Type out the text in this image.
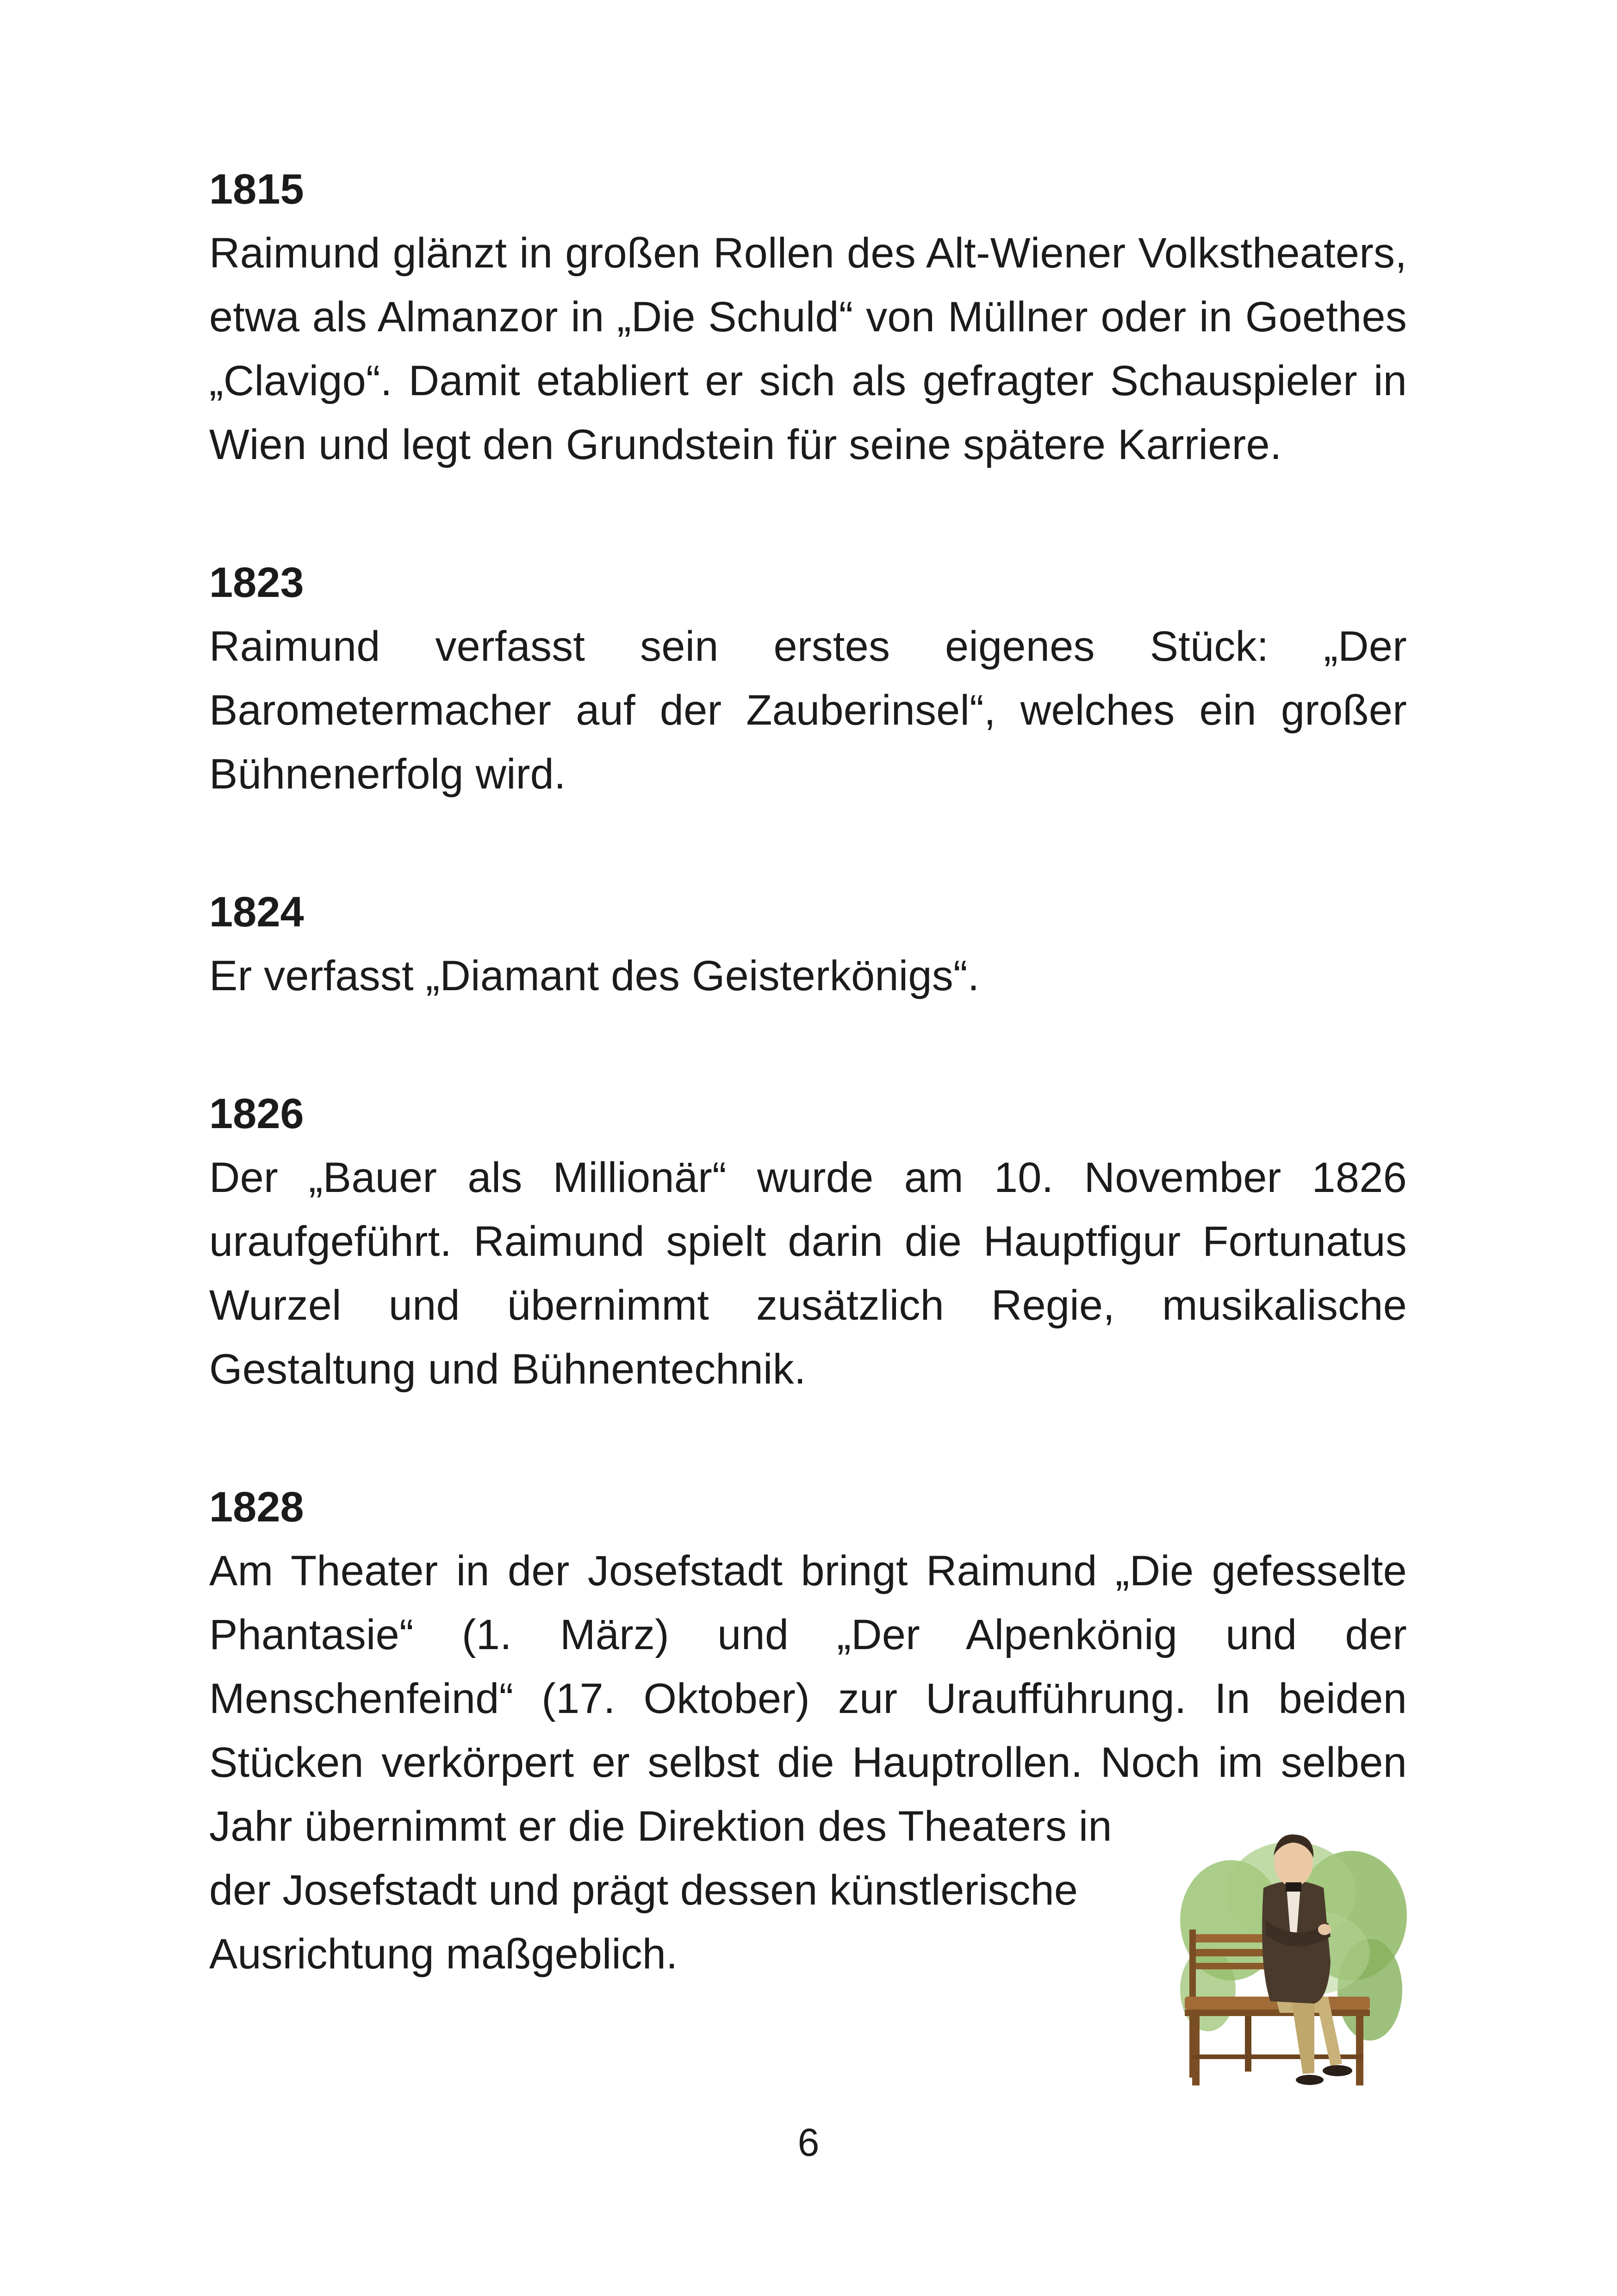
1815

Raimund glänzt in großen Rollen des Alt-Wiener Volkstheaters, etwa als Almanzor in „Die Schuld“ von Müllner oder in Goethes „Clavigo“. Damit etabliert er sich als gefragter Schauspieler in Wien und legt den Grundstein für seine spätere Karriere.

1823

Raimund verfasst sein erstes eigenes Stück: „Der Barometermacher auf der Zauberinsel“, welches ein großer Bühnenerfolg wird.

1824

Er verfasst „Diamant des Geisterkönigs“.

1826

Der „Bauer als Millionär“ wurde am 10. November 1826 uraufgeführt. Raimund spielt darin die Hauptfigur Fortunatus Wurzel und übernimmt zusätzlich Regie, musikalische Gestaltung und Bühnentechnik.

1828

Am Theater in der Josefstadt bringt Raimund „Die gefesselte Phantasie“ (1. März) und „Der Alpenkönig und der Menschenfeind“ (17. Oktober) zur Uraufführung. In beiden Stücken verkörpert er selbst die Hauptrollen. Noch im selben Jahr übernimmt er die Direktion des Theaters in

der Josefstadt und prägt dessen künstlerische Ausrichtung maßgeblich.

6
